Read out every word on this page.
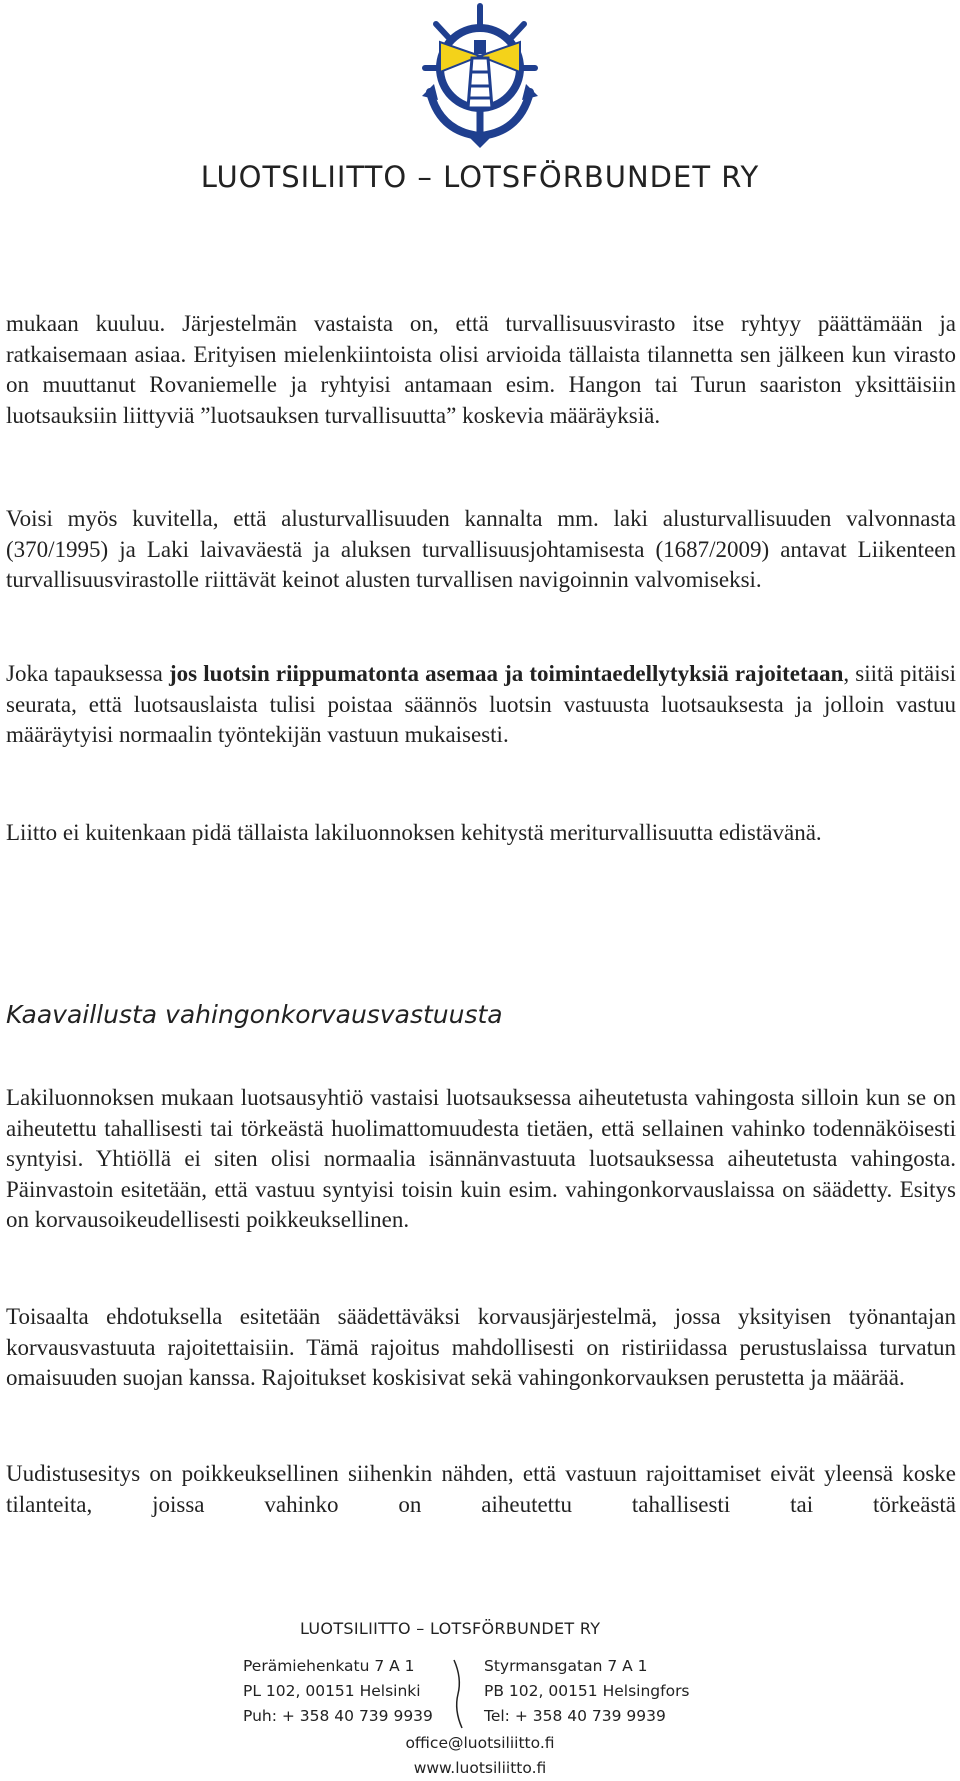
LUOTSILIITTO – LOTSFÖRBUNDET RY

mukaan kuuluu. Järjestelmän vastaista on, että turvallisuusvirasto itse ryhtyy päättämään ja ratkaisemaan asiaa. Erityisen mielenkiintoista olisi arvioida tällaista tilannetta sen jälkeen kun virasto on muuttanut Rovaniemelle ja ryhtyisi antamaan esim. Hangon tai Turun saariston yksittäisiin luotsauksiin liittyviä ”luotsauksen turvallisuutta” koskevia määräyksiä.

Voisi myös kuvitella, että alusturvallisuuden kannalta mm. laki alusturvallisuuden valvonnasta (370/1995) ja Laki laivaväestä ja aluksen turvallisuusjohtamisesta (1687/2009) antavat Liikenteen turvallisuusvirastolle riittävät keinot alusten turvallisen navigoinnin valvomiseksi.

Joka tapauksessa jos luotsin riippumatonta asemaa ja toimintaedellytyksiä rajoitetaan, siitä pitäisi seurata, että luotsauslaista tulisi poistaa säännös luotsin vastuusta luotsauksesta ja jolloin vastuu määräytyisi normaalin työntekijän vastuun mukaisesti.

Liitto ei kuitenkaan pidä tällaista lakiluonnoksen kehitystä meriturvallisuutta edistävänä.

Kaavaillusta vahingonkorvausvastuusta

Lakiluonnoksen mukaan luotsausyhtiö vastaisi luotsauksessa aiheutetusta vahingosta silloin kun se on aiheutettu tahallisesti tai törkeästä huolimattomuudesta tietäen, että sellainen vahinko todennäköisesti syntyisi. Yhtiöllä ei siten olisi normaalia isännänvastuuta luotsauksessa aiheutetusta vahingosta. Päinvastoin esitetään, että vastuu syntyisi toisin kuin esim. vahingonkorvauslaissa on säädetty. Esitys on korvausoikeudellisesti poikkeuksellinen.

Toisaalta ehdotuksella esitetään säädettäväksi korvausjärjestelmä, jossa yksityisen työnantajan korvausvastuuta rajoitettaisiin. Tämä rajoitus mahdollisesti on ristiriidassa perustuslaissa turvatun omaisuuden suojan kanssa. Rajoitukset koskisivat sekä vahingonkorvauksen perustetta ja määrää.

Uudistusesitys on poikkeuksellinen siihenkin nähden, että vastuun rajoittamiset eivät yleensä koske tilanteita, joissa vahinko on aiheutettu tahallisesti tai törkeästä

LUOTSILIITTO – LOTSFÖRBUNDET RY
Perämiehenkatu 7 A 1
PL 102, 00151 Helsinki
Puh: + 358 40 739 9939
Styrmansgatan 7 A 1
PB 102, 00151 Helsingfors
Tel: + 358 40 739 9939
office@luotsiliitto.fi
www.luotsiliitto.fi
